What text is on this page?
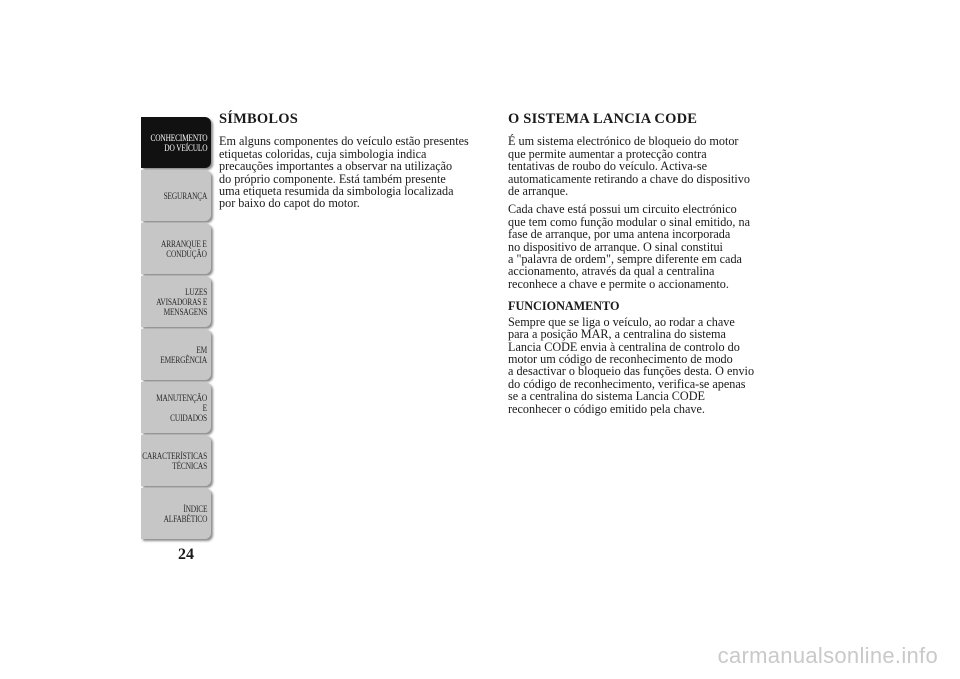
CONHECIMENTO
DO VEÍCULO
SEGURANÇA
ARRANQUE E
CONDUÇÃO
LUZES
AVISADORAS E
MENSAGENS
EM EMERGÊNCIA
MANUTENÇÃO E
CUIDADOS
CARACTERÍSTICAS
TÉCNICAS
ÍNDICE
ALFABÉTICO
24
SÍMBOLOS

Em alguns componentes do veículo estão presentes
etiquetas coloridas, cuja simbologia indica
precauções importantes a observar na utilização
do próprio componente. Está também presente
uma etiqueta resumida da simbologia localizada
por baixo do capot do motor.

O SISTEMA LANCIA CODE

É um sistema electrónico de bloqueio do motor
que permite aumentar a protecção contra
tentativas de roubo do veículo. Activa-se
automaticamente retirando a chave do dispositivo
de arranque.

Cada chave está possui um circuito electrónico
que tem como função modular o sinal emitido, na
fase de arranque, por uma antena incorporada
no dispositivo de arranque. O sinal constitui
a "palavra de ordem", sempre diferente em cada
accionamento, através da qual a centralina
reconhece a chave e permite o accionamento.

FUNCIONAMENTO

Sempre que se liga o veículo, ao rodar a chave
para a posição MAR, a centralina do sistema
Lancia CODE envia à centralina de controlo do
motor um código de reconhecimento de modo
a desactivar o bloqueio das funções desta. O envio
do código de reconhecimento, verifica-se apenas
se a centralina do sistema Lancia CODE
reconhecer o código emitido pela chave.

carmanualsonline.info
